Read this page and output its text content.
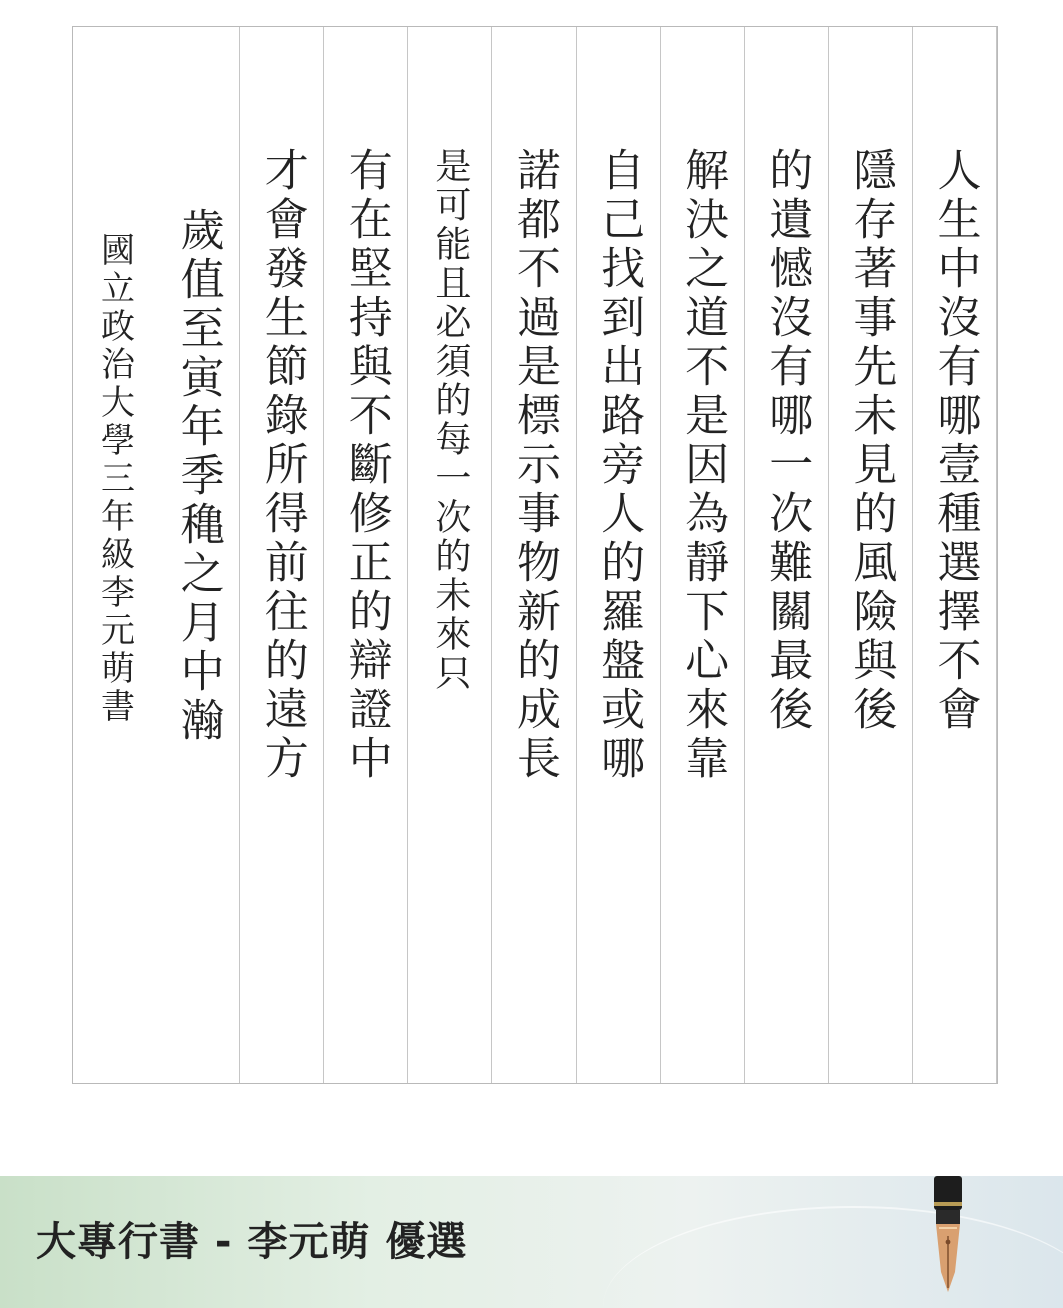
人生中沒有哪壹種選擇不會
隱存著事先未見的風險與後
的遺憾沒有哪一次難關最後
解決之道不是因為靜下心來靠
自己找到出路旁人的羅盤或哪
諾都不過是標示事物新的成長
是可能且必須的每一次的未來只
有在堅持與不斷修正的辯證中
才會發生節錄所得前往的遠方
歲值至寅年季穐之月中瀚
國立政治大學三年級李元萌書
大專行書 - 李元萌 優選
